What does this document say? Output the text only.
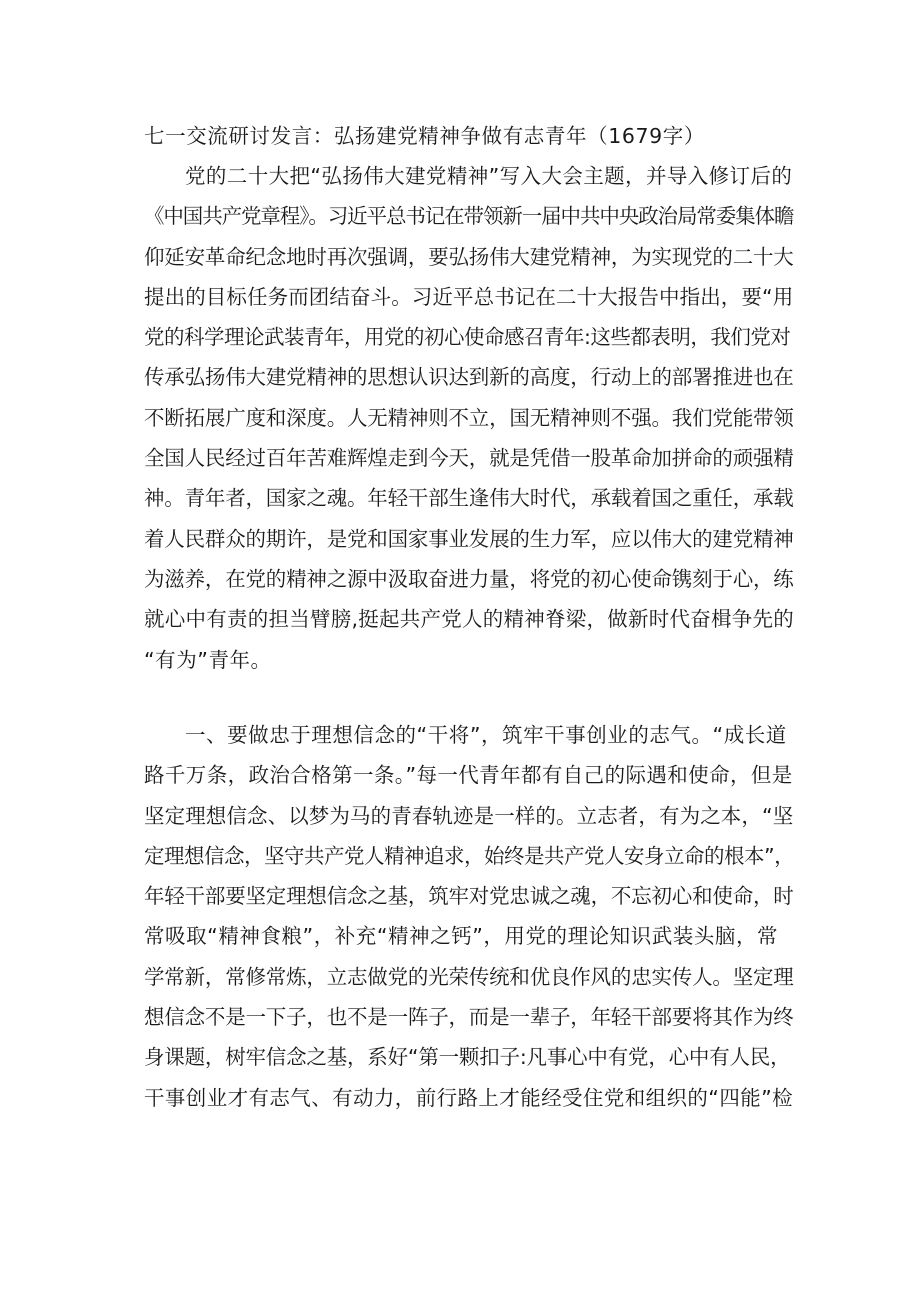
七一交流研讨发言：弘扬建党精神争做有志青年（1679字）
党的二十大把“弘扬伟大建党精神”写入大会主题，并导入修订后的
《中国共产党章程》。习近平总书记在带领新一届中共中央政治局常委集体瞻
仰延安革命纪念地时再次强调，要弘扬伟大建党精神，为实现党的二十大
提出的目标任务而团结奋斗。习近平总书记在二十大报告中指出，要“用
党的科学理论武装青年，用党的初心使命感召青年:这些都表明，我们党对
传承弘扬伟大建党精神的思想认识达到新的高度，行动上的部署推进也在
不断拓展广度和深度。人无精神则不立，国无精神则不强。我们党能带领
全国人民经过百年苦难辉煌走到今天，就是凭借一股革命加拼命的顽强精
神。青年者，国家之魂。年轻干部生逢伟大时代，承载着国之重任，承载
着人民群众的期许，是党和国家事业发展的生力军，应以伟大的建党精神
为滋养，在党的精神之源中汲取奋进力量，将党的初心使命镌刻于心，练
就心中有责的担当臂膀,挺起共产党人的精神脊梁，做新时代奋楫争先的
“有为”青年。
一、要做忠于理想信念的“干将”，筑牢干事创业的志气。“成长道
路千万条，政治合格第一条。”每一代青年都有自己的际遇和使命，但是
坚定理想信念、以梦为马的青春轨迹是一样的。立志者，有为之本，“坚
定理想信念，坚守共产党人精神追求，始终是共产党人安身立命的根本”，
年轻干部要坚定理想信念之基，筑牢对党忠诚之魂，不忘初心和使命，时
常吸取“精神食粮”，补充“精神之钙”，用党的理论知识武装头脑，常
学常新，常修常炼，立志做党的光荣传统和优良作风的忠实传人。坚定理
想信念不是一下子，也不是一阵子，而是一辈子，年轻干部要将其作为终
身课题，树牢信念之基，系好“第一颗扣子:凡事心中有党，心中有人民，
干事创业才有志气、有动力，前行路上才能经受住党和组织的“四能”检
